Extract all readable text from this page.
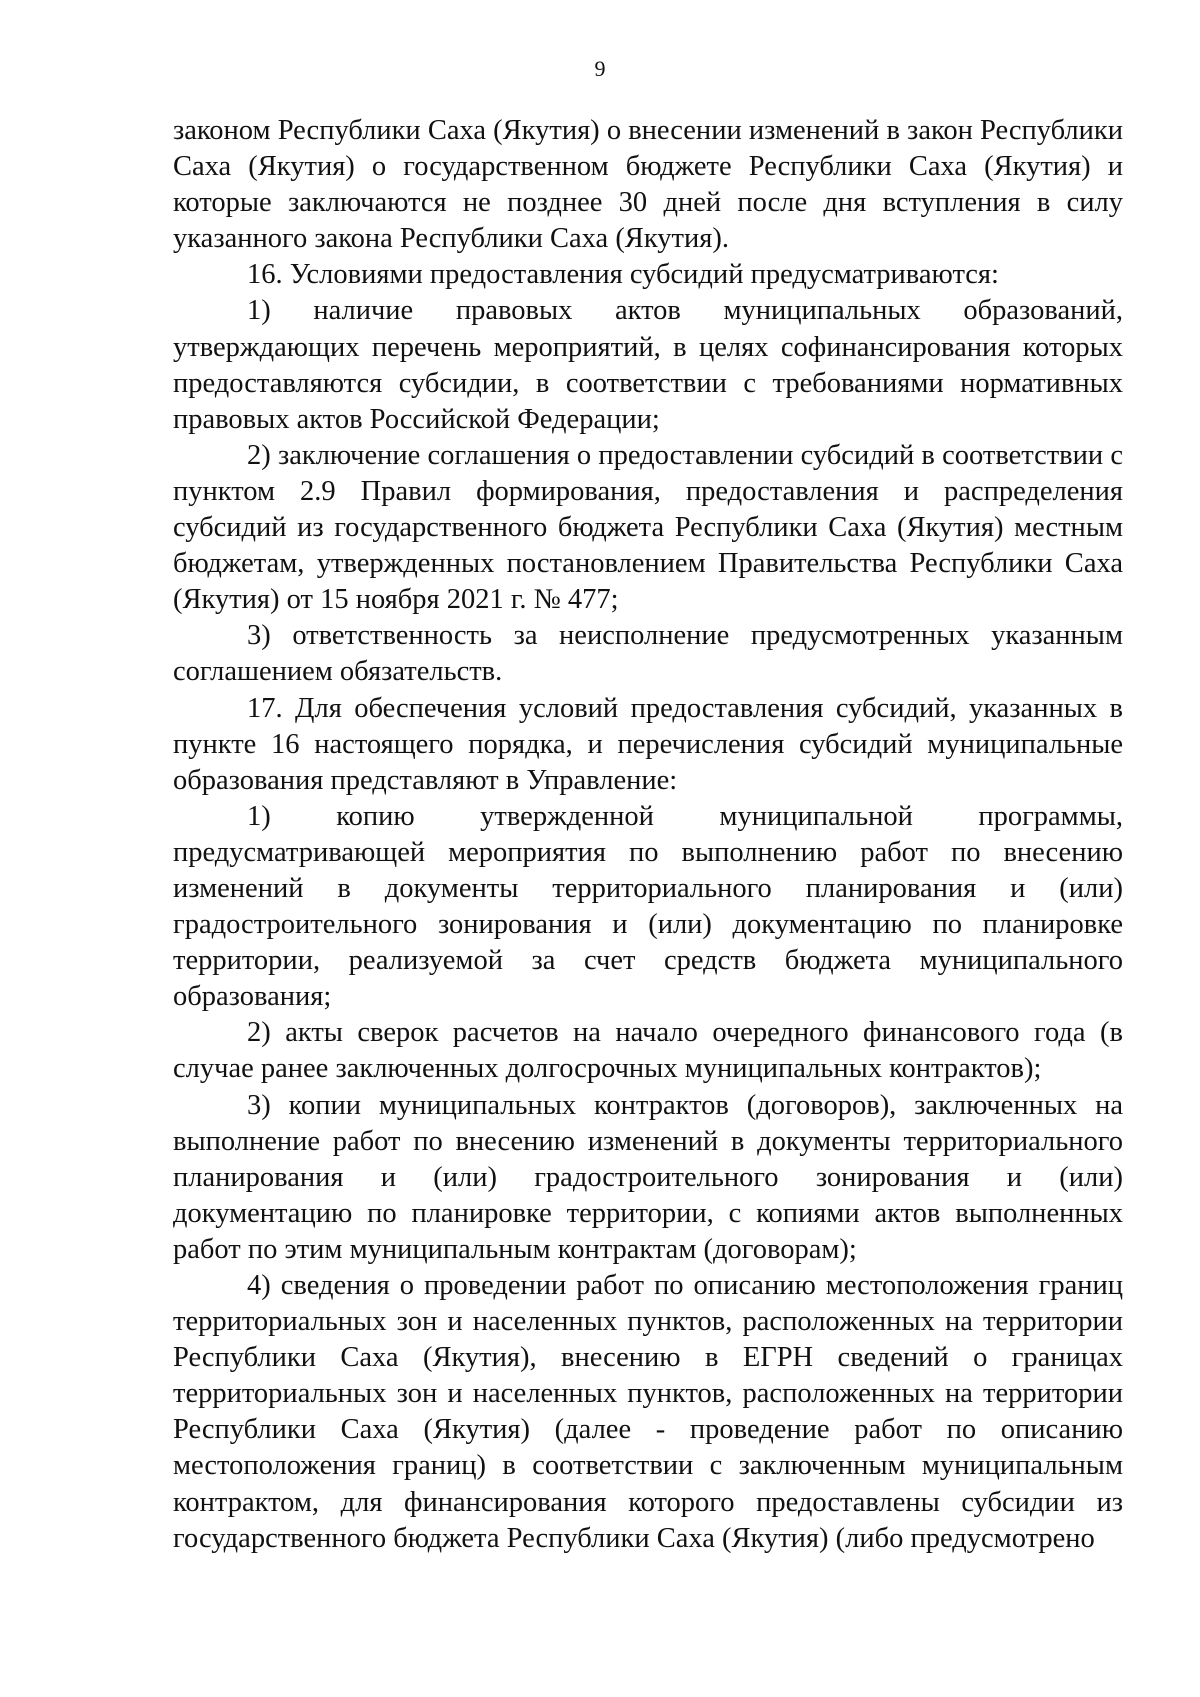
9

законом Республики Саха (Якутия) о внесении изменений в закон Республики Саха (Якутия) о государственном бюджете Республики Саха (Якутия) и которые заключаются не позднее 30 дней после дня вступления в силу указанного закона Республики Саха (Якутия).

16. Условиями предоставления субсидий предусматриваются:

1) наличие правовых актов муниципальных образований, утверждающих перечень мероприятий, в целях софинансирования которых предоставляются субсидии, в соответствии с требованиями нормативных правовых актов Российской Федерации;

2) заключение соглашения о предоставлении субсидий в соответствии с пунктом 2.9 Правил формирования, предоставления и распределения субсидий из государственного бюджета Республики Саха (Якутия) местным бюджетам, утвержденных постановлением Правительства Республики Саха (Якутия) от 15 ноября 2021 г. № 477;

3) ответственность за неисполнение предусмотренных указанным соглашением обязательств.

17. Для обеспечения условий предоставления субсидий, указанных в пункте 16 настоящего порядка, и перечисления субсидий муниципальные образования представляют в Управление:

1) копию утвержденной муниципальной программы, предусматривающей мероприятия по выполнению работ по внесению изменений в документы территориального планирования и (или) градостроительного зонирования и (или) документацию по планировке территории, реализуемой за счет средств бюджета муниципального образования;

2) акты сверок расчетов на начало очередного финансового года (в случае ранее заключенных долгосрочных муниципальных контрактов);

3) копии муниципальных контрактов (договоров), заключенных на выполнение работ по внесению изменений в документы территориального планирования и (или) градостроительного зонирования и (или) документацию по планировке территории, с копиями актов выполненных работ по этим муниципальным контрактам (договорам);

4) сведения о проведении работ по описанию местоположения границ территориальных зон и населенных пунктов, расположенных на территории Республики Саха (Якутия), внесению в ЕГРН сведений о границах территориальных зон и населенных пунктов, расположенных на территории Республики Саха (Якутия) (далее - проведение работ по описанию местоположения границ) в соответствии с заключенным муниципальным контрактом, для финансирования которого предоставлены субсидии из государственного бюджета Республики Саха (Якутия) (либо предусмотрено
